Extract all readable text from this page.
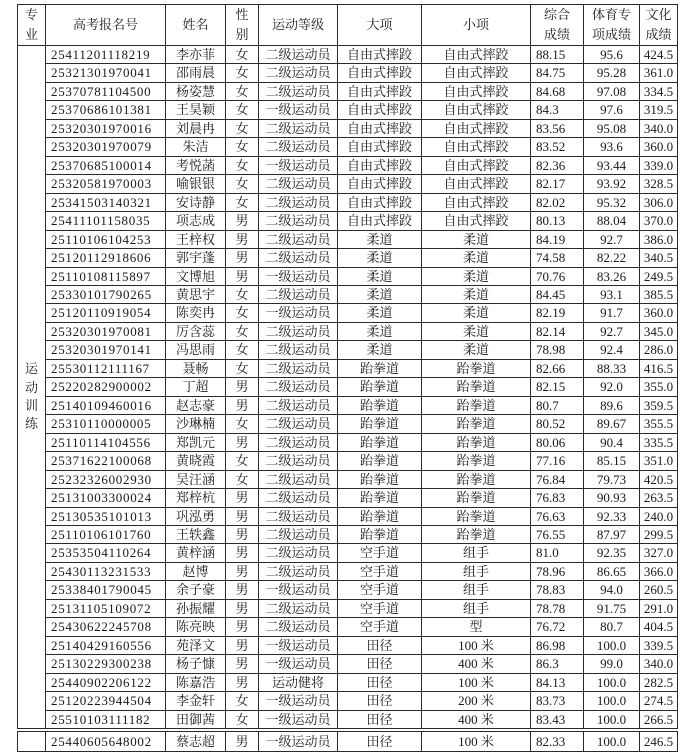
专业	高考报名号	姓名	性别	运动等级	大项	小项	综合成绩	体育专项成绩	文化成绩

运动训练	25411201118219	李亦菲	女	二级运动员	自由式摔跤	自由式摔跤	88.15	95.6	424.5
	25321301970041	邵雨晨	女	二级运动员	自由式摔跤	自由式摔跤	84.75	95.28	361.0
	25370781104500	杨姿慧	女	二级运动员	自由式摔跤	自由式摔跤	84.68	97.08	334.5
	25370686101381	王昊颖	女	一级运动员	自由式摔跤	自由式摔跤	84.3	97.6	319.5
	25320301970016	刘晨冉	女	二级运动员	自由式摔跤	自由式摔跤	83.56	95.08	340.0
	25320301970079	朱洁	女	二级运动员	自由式摔跤	自由式摔跤	83.52	93.6	360.0
	25370685100014	考悦菡	女	一级运动员	自由式摔跤	自由式摔跤	82.36	93.44	339.0
	25320581970003	喻银银	女	二级运动员	自由式摔跤	自由式摔跤	82.17	93.92	328.5
	25341503140321	安诗静	女	二级运动员	自由式摔跤	自由式摔跤	82.02	95.32	306.0
	25411101158035	项志成	男	二级运动员	自由式摔跤	自由式摔跤	80.13	88.04	370.0
	25110106104253	王梓权	男	二级运动员	柔道	柔道	84.19	92.7	386.0
	25120112918606	郭宇蓬	男	二级运动员	柔道	柔道	74.58	82.22	340.5
	25110108115897	文博旭	男	一级运动员	柔道	柔道	70.76	83.26	249.5
	25330101790265	黄思宇	女	二级运动员	柔道	柔道	84.45	93.1	385.5
	25120110919054	陈奕冉	女	一级运动员	柔道	柔道	82.19	91.7	360.0
	25320301970081	厉含蕊	女	二级运动员	柔道	柔道	82.14	92.7	345.0
	25320301970141	冯思雨	女	二级运动员	柔道	柔道	78.98	92.4	286.0
	25530112111167	聂畅	女	二级运动员	跆拳道	跆拳道	82.66	88.33	416.5
	25220282900002	丁超	男	二级运动员	跆拳道	跆拳道	82.15	92.0	355.0
	25140109460016	赵志豪	男	二级运动员	跆拳道	跆拳道	80.7	89.6	359.5
	25310110000005	沙琳楠	女	二级运动员	跆拳道	跆拳道	80.52	89.67	355.5
	25110114104556	郑凯元	男	二级运动员	跆拳道	跆拳道	80.06	90.4	335.5
	25371622100068	黄晓霞	女	二级运动员	跆拳道	跆拳道	77.16	85.15	351.0
	25232326002930	吴汪涵	女	二级运动员	跆拳道	跆拳道	76.84	79.73	420.5
	25131003300024	郑梓杭	男	二级运动员	跆拳道	跆拳道	76.83	90.93	263.5
	25130535101013	巩泓勇	男	二级运动员	跆拳道	跆拳道	76.63	92.33	240.0
	25110106101760	王轶鑫	男	二级运动员	跆拳道	跆拳道	76.55	87.97	299.5
	25353504110264	黄梓涵	男	二级运动员	空手道	组手	81.0	92.35	327.0
	25430113231533	赵博	男	二级运动员	空手道	组手	78.96	86.65	366.0
	25338401790045	余子豪	男	一级运动员	空手道	组手	78.83	94.0	260.5
	25131105109072	孙振耀	男	二级运动员	空手道	组手	78.78	91.75	291.0
	25430622245708	陈亮映	男	二级运动员	空手道	型	76.72	80.7	404.5
	25140429160556	苑泽文	男	一级运动员	田径	100 米	86.98	100.0	339.5
	25130229300238	杨子慷	男	一级运动员	田径	400 米	86.3	99.0	340.0
	25440902206122	陈嘉浩	男	运动健将	田径	100 米	84.13	100.0	282.5
	25120223944504	李金轩	女	一级运动员	田径	200 米	83.73	100.0	274.5
	25510103111182	田御茜	女	一级运动员	田径	400 米	83.43	100.0	266.5
	25440605648002	蔡志超	男	一级运动员	田径	100 米	82.33	100.0	246.5
